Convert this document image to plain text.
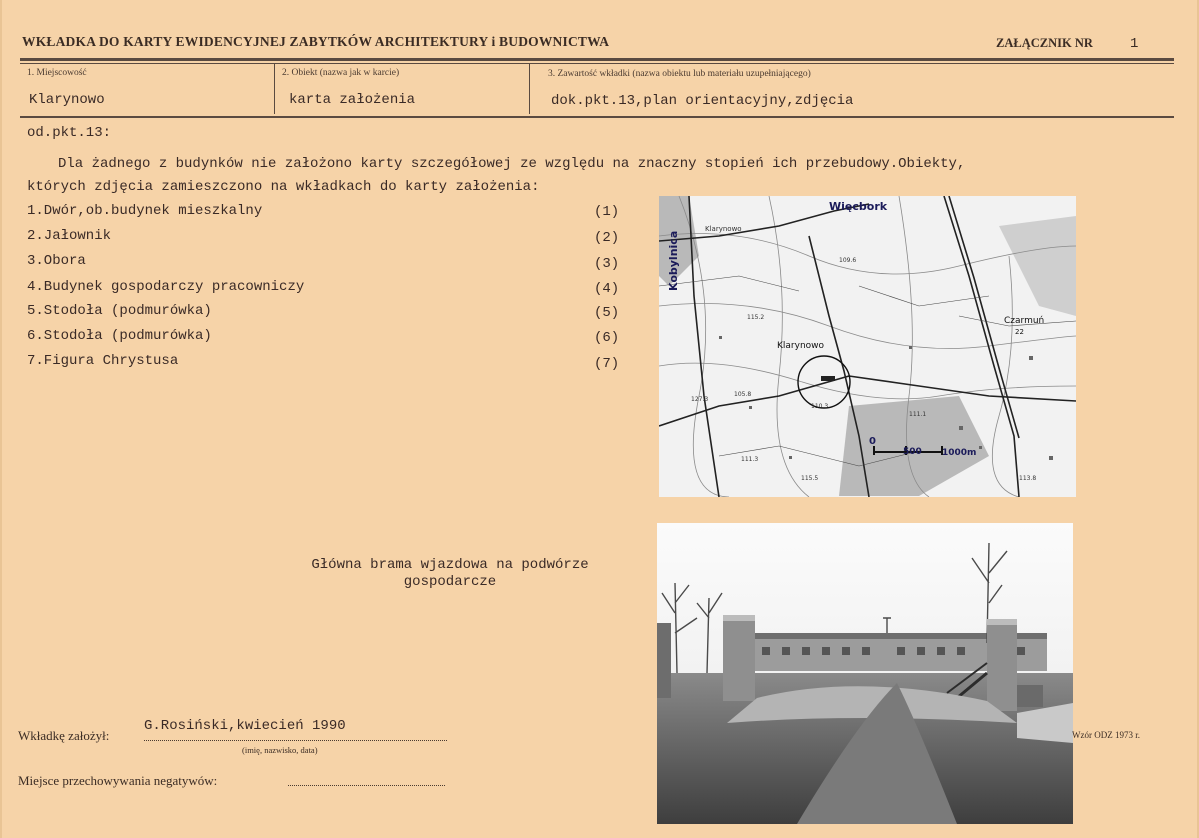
WKŁADKA DO KARTY EWIDENCYJNEJ ZABYTKÓW ARCHITEKTURY i BUDOWNICTWA	ZAŁĄCZNIK NR	1
1. Miejscowość
Klarynowo
2. Obiekt (nazwa jak w karcie)
karta założenia
3. Zawartość wkładki (nazwa obiektu lub materiału uzupełniającego)
dok.pkt.13,plan orientacyjny,zdjęcia
od.pkt.13:
Dla żadnego z budynków nie założono karty szczegółowej ze względu na znaczny stopień ich przebudowy.Obiekty,
których zdjęcia zamieszczono na wkładkach do karty założenia:
1.Dwór,ob.budynek mieszkalny	(1)
2.Jałownik	(2)
3.Obora	(3)
4.Budynek gospodarczy pracowniczy	(4)
5.Stodoła (podmurówka)	(5)
6.Stodoła (podmurówka)	(6)
7.Figura Chrystusa	(7)
Więcbork
Kobylnica
Klarynowo
Klarynowo
Czarmuń
22
0
500 1000m
109.6
115.2
127.3
105.8
110.3
111.1
111.3
115.5	113.8
Główna brama wjazdowa na podwórze
gospodarcze
Wkładkę założył:
G.Rosiński,kwiecień 1990
(imię, nazwisko, data)
Miejsce przechowywania negatywów:
Wzór ODZ 1973 r.
